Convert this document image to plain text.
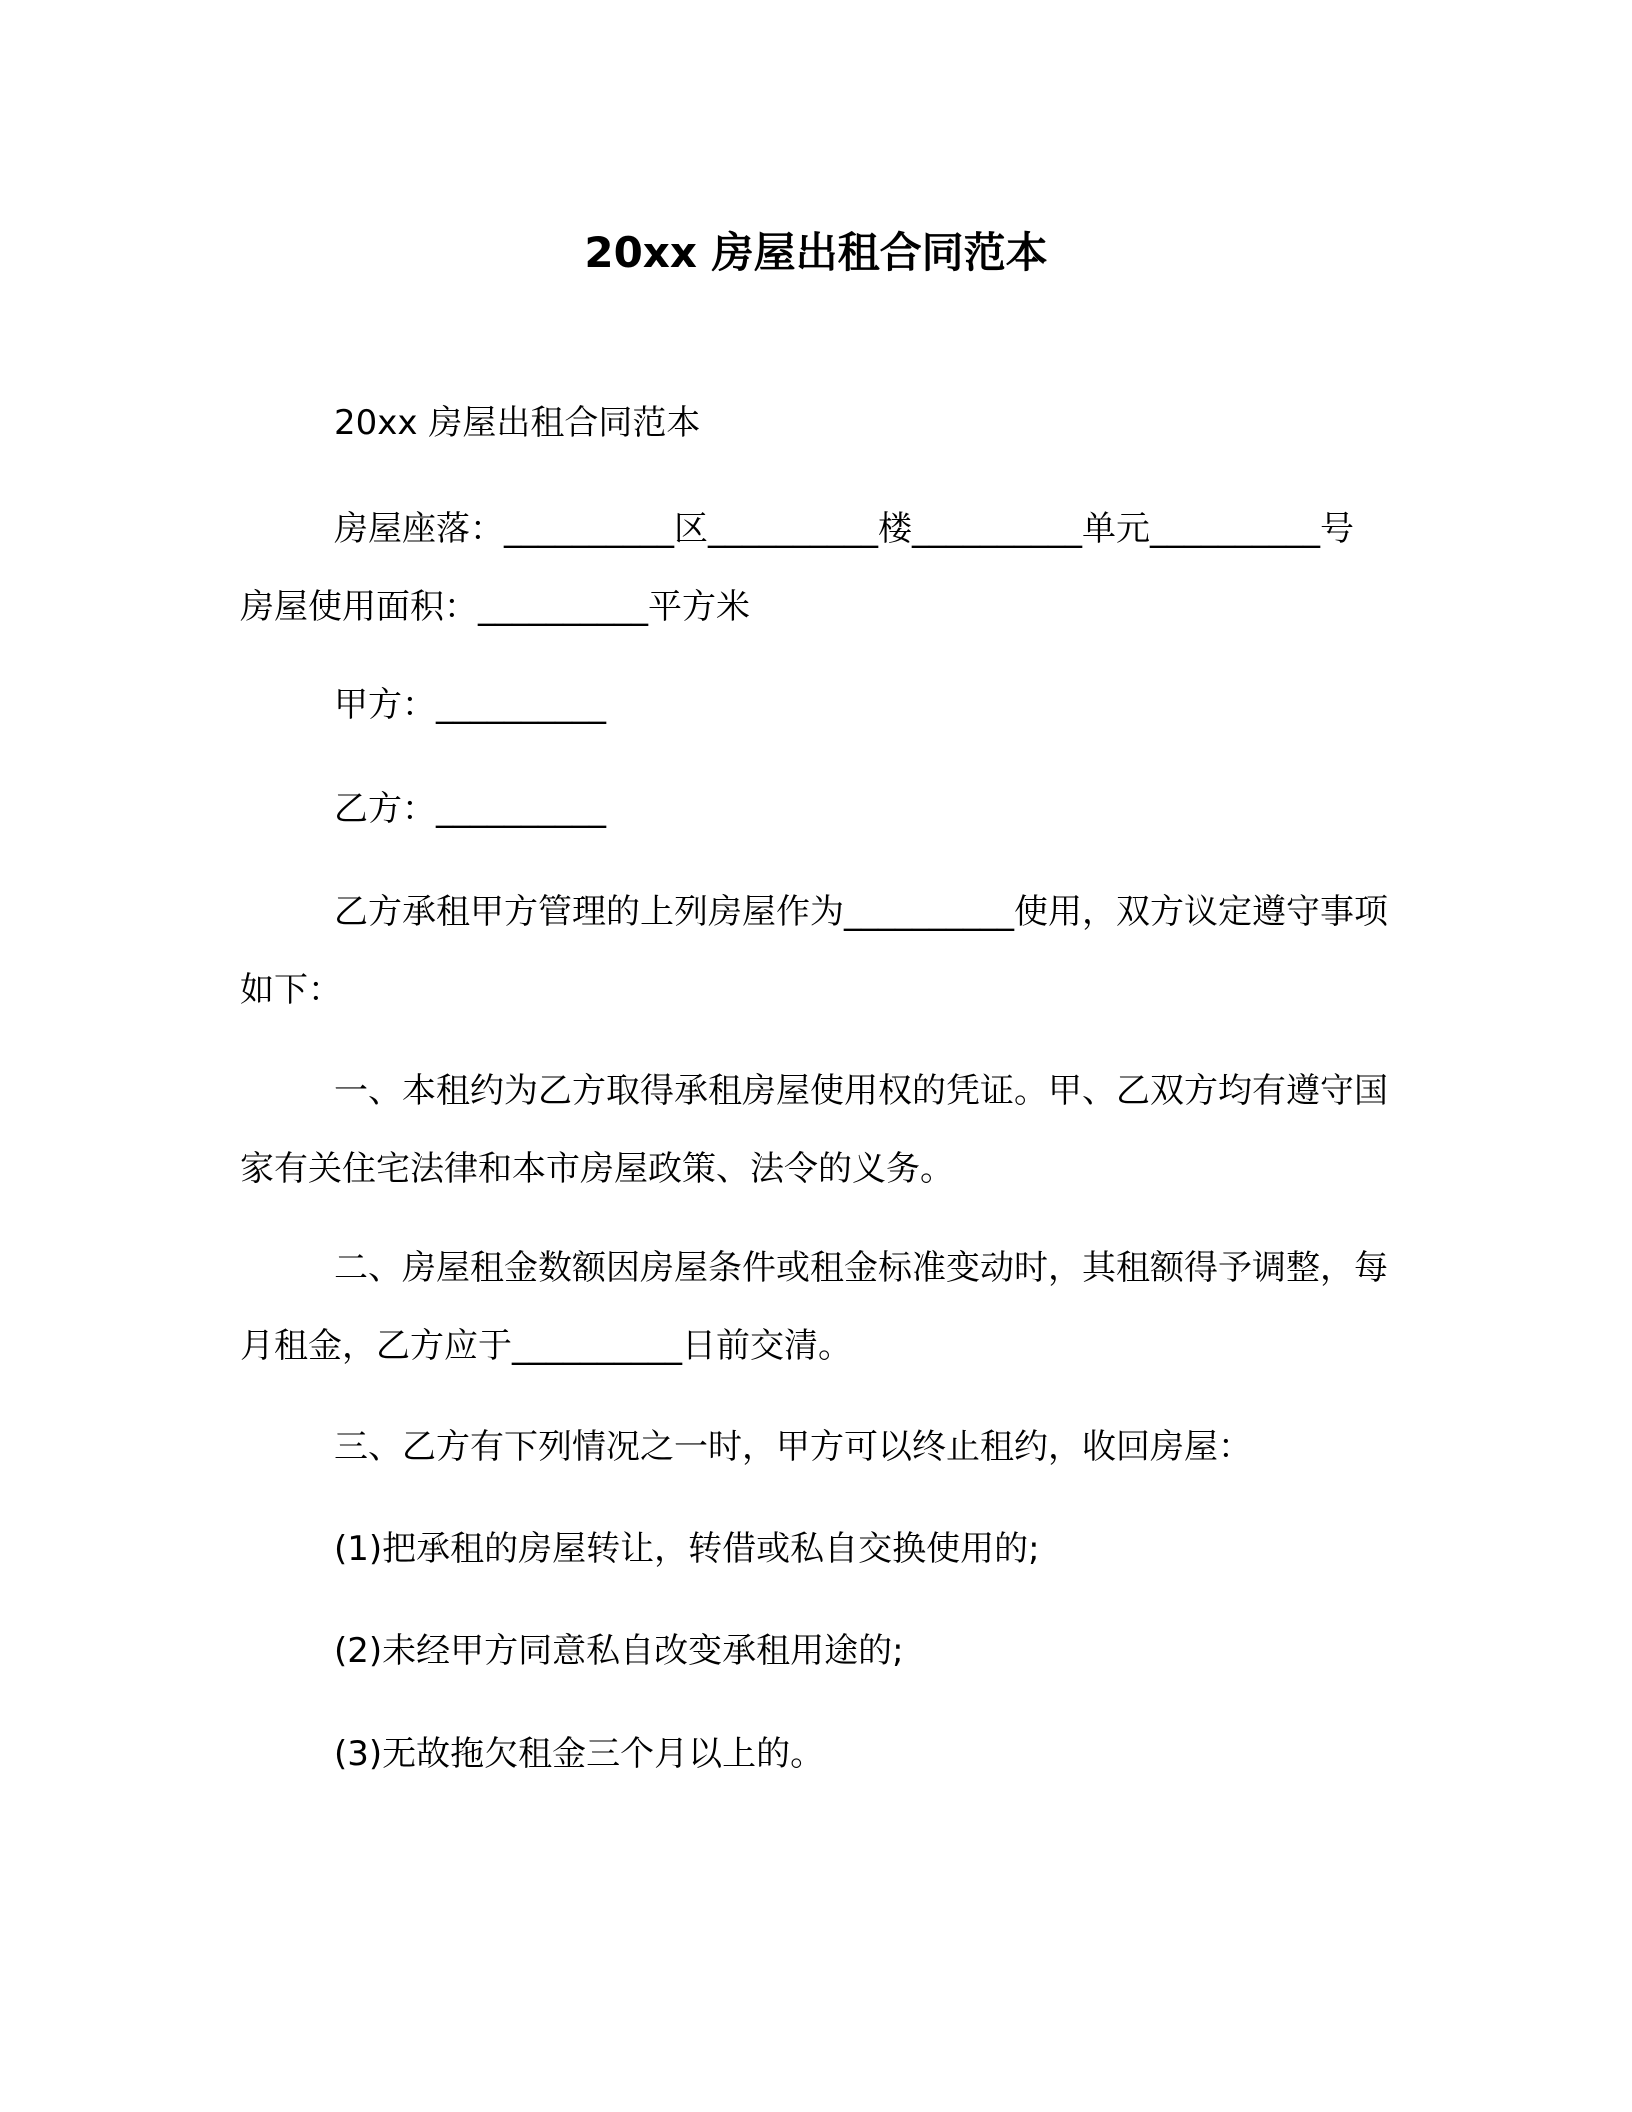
20xx 房屋出租合同范本

20xx 房屋出租合同范本

房屋座落：__________区__________楼__________单元__________号 房屋使用面积：__________平方米

甲方：__________

乙方：__________

乙方承租甲方管理的上列房屋作为__________使用，双方议定遵守事项如下：

一、本租约为乙方取得承租房屋使用权的凭证。甲、乙双方均有遵守国家有关住宅法律和本市房屋政策、法令的义务。

二、房屋租金数额因房屋条件或租金标准变动时，其租额得予调整，每月租金，乙方应于__________日前交清。

三、乙方有下列情况之一时，甲方可以终止租约，收回房屋：

(1)把承租的房屋转让，转借或私自交换使用的;

(2)未经甲方同意私自改变承租用途的;

(3)无故拖欠租金三个月以上的。
